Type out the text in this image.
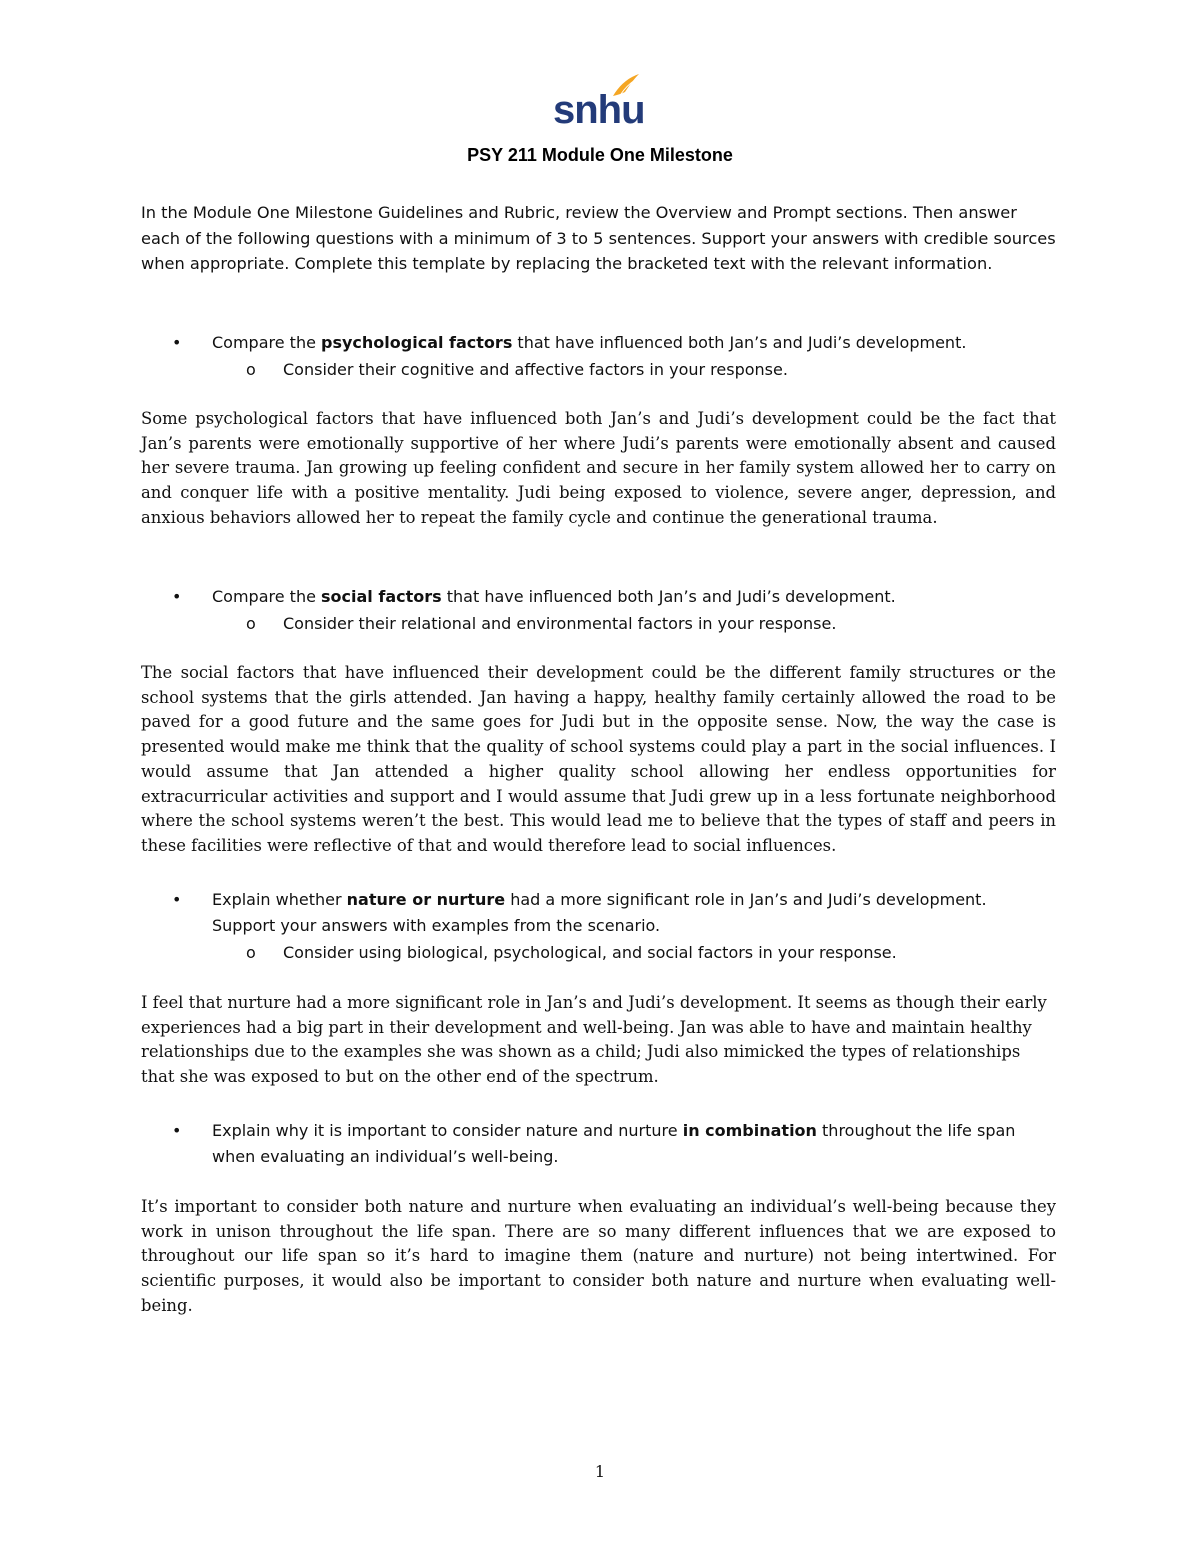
snhu
PSY 211 Module One Milestone
In the Module One Milestone Guidelines and Rubric, review the Overview and Prompt sections. Then answer each of the following questions with a minimum of 3 to 5 sentences. Support your answers with credible sources when appropriate. Complete this template by replacing the bracketed text with the relevant information.
• Compare the psychological factors that have influenced both Jan’s and Judi’s development.
o Consider their cognitive and affective factors in your response.
Some psychological factors that have influenced both Jan’s and Judi’s development could be the fact that Jan’s parents were emotionally supportive of her where Judi’s parents were emotionally absent and caused her severe trauma. Jan growing up feeling confident and secure in her family system allowed her to carry on and conquer life with a positive mentality. Judi being exposed to violence, severe anger, depression, and anxious behaviors allowed her to repeat the family cycle and continue the generational trauma.
• Compare the social factors that have influenced both Jan’s and Judi’s development.
o Consider their relational and environmental factors in your response.
The social factors that have influenced their development could be the different family structures or the school systems that the girls attended. Jan having a happy, healthy family certainly allowed the road to be paved for a good future and the same goes for Judi but in the opposite sense. Now, the way the case is presented would make me think that the quality of school systems could play a part in the social influences. I would assume that Jan attended a higher quality school allowing her endless opportunities for extracurricular activities and support and I would assume that Judi grew up in a less fortunate neighborhood where the school systems weren’t the best. This would lead me to believe that the types of staff and peers in these facilities were reflective of that and would therefore lead to social influences.
• Explain whether nature or nurture had a more significant role in Jan’s and Judi’s development. Support your answers with examples from the scenario.
o Consider using biological, psychological, and social factors in your response.
I feel that nurture had a more significant role in Jan’s and Judi’s development. It seems as though their early experiences had a big part in their development and well-being. Jan was able to have and maintain healthy relationships due to the examples she was shown as a child; Judi also mimicked the types of relationships that she was exposed to but on the other end of the spectrum.
• Explain why it is important to consider nature and nurture in combination throughout the life span when evaluating an individual’s well-being.
It’s important to consider both nature and nurture when evaluating an individual’s well-being because they work in unison throughout the life span. There are so many different influences that we are exposed to throughout our life span so it’s hard to imagine them (nature and nurture) not being intertwined. For scientific purposes, it would also be important to consider both nature and nurture when evaluating well-being.
1
